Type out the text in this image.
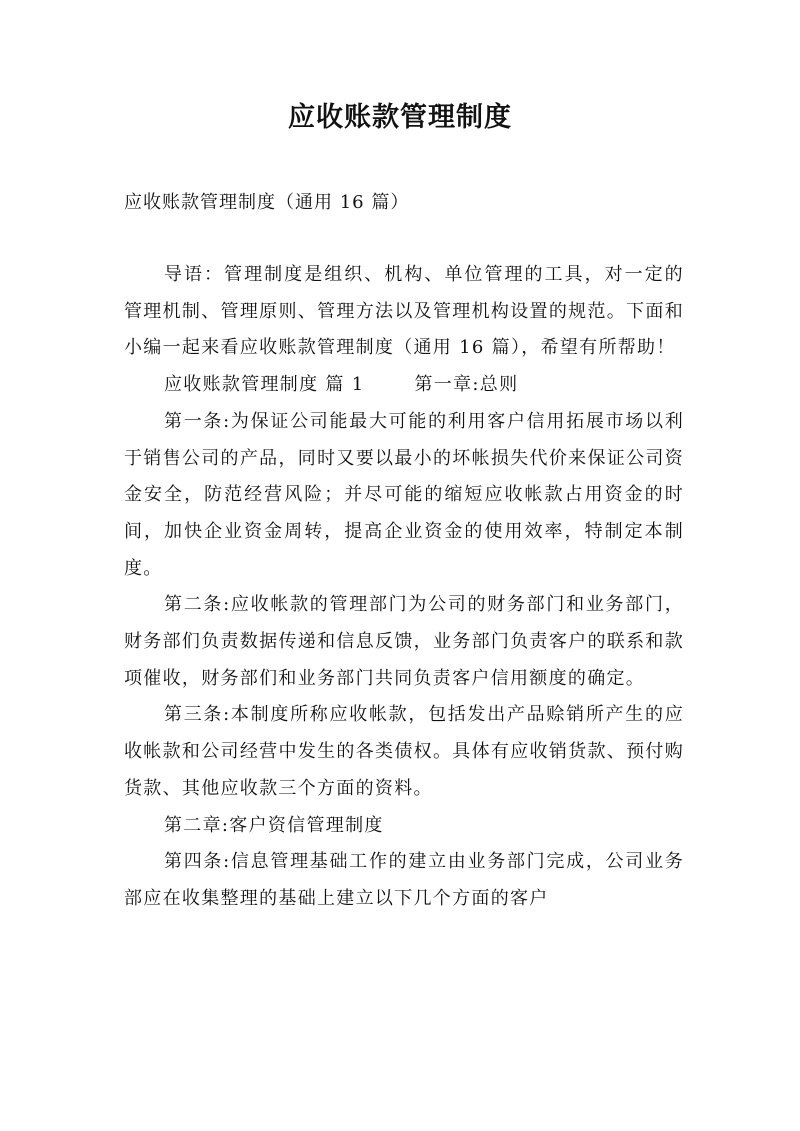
应收账款管理制度

应收账款管理制度（通用 16 篇）

导语：管理制度是组织、机构、单位管理的工具，对一定的管理机制、管理原则、管理方法以及管理机构设置的规范。下面和小编一起来看应收账款管理制度（通用 16 篇），希望有所帮助！

应收账款管理制度 篇 1	第一章:总则

第一条:为保证公司能最大可能的利用客户信用拓展市场以利于销售公司的产品，同时又要以最小的坏帐损失代价来保证公司资金安全，防范经营风险；并尽可能的缩短应收帐款占用资金的时间，加快企业资金周转，提高企业资金的使用效率，特制定本制度。

第二条:应收帐款的管理部门为公司的财务部门和业务部门，财务部们负责数据传递和信息反馈，业务部门负责客户的联系和款项催收，财务部们和业务部门共同负责客户信用额度的确定。

第三条:本制度所称应收帐款，包括发出产品赊销所产生的应收帐款和公司经营中发生的各类债权。具体有应收销货款、预付购货款、其他应收款三个方面的资料。

第二章:客户资信管理制度

第四条:信息管理基础工作的建立由业务部门完成，公司业务部应在收集整理的基础上建立以下几个方面的客户
